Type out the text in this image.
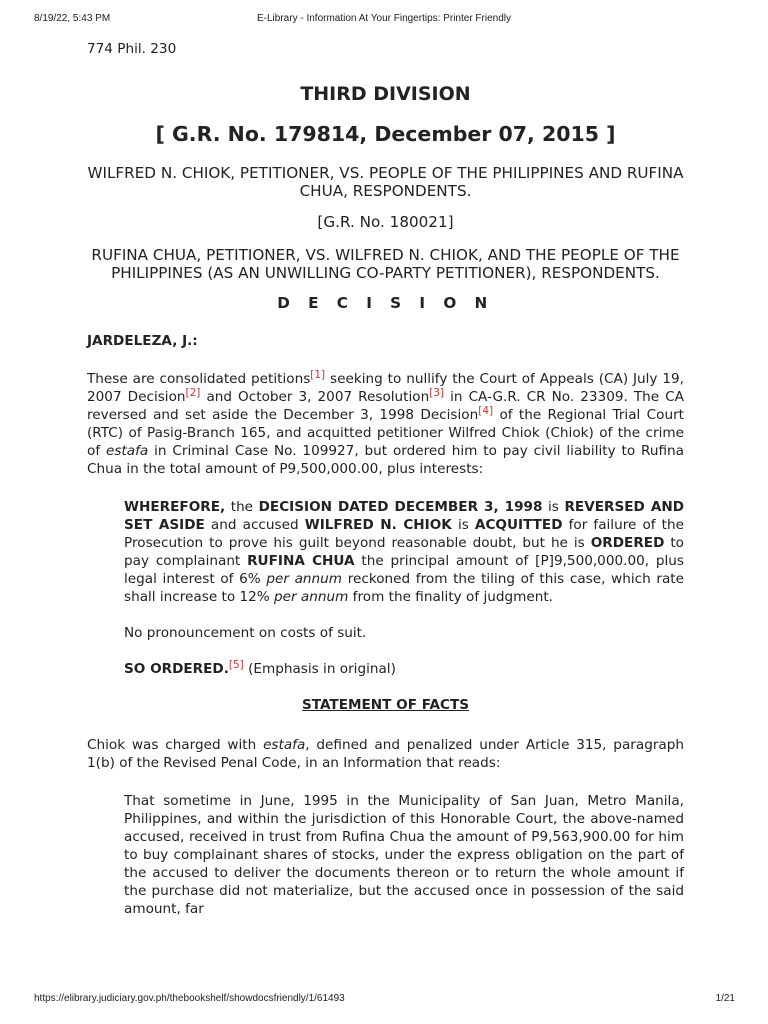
8/19/22, 5:43 PM	E-Library - Information At Your Fingertips: Printer Friendly
774 Phil. 230
THIRD DIVISION
[ G.R. No. 179814, December 07, 2015 ]
WILFRED N. CHIOK, PETITIONER, VS. PEOPLE OF THE PHILIPPINES AND RUFINA CHUA, RESPONDENTS.
[G.R. No. 180021]
RUFINA CHUA, PETITIONER, VS. WILFRED N. CHIOK, AND THE PEOPLE OF THE PHILIPPINES (AS AN UNWILLING CO-PARTY PETITIONER), RESPONDENTS.
D E C I S I O N
JARDELEZA, J.:

These are consolidated petitions[1] seeking to nullify the Court of Appeals (CA) July 19, 2007 Decision[2] and October 3, 2007 Resolution[3] in CA-G.R. CR No. 23309. The CA reversed and set aside the December 3, 1998 Decision[4] of the Regional Trial Court (RTC) of Pasig-Branch 165, and acquitted petitioner Wilfred Chiok (Chiok) of the crime of estafa in Criminal Case No. 109927, but ordered him to pay civil liability to Rufina Chua in the total amount of P9,500,000.00, plus interests:

WHEREFORE, the DECISION DATED DECEMBER 3, 1998 is REVERSED AND SET ASIDE and accused WILFRED N. CHIOK is ACQUITTED for failure of the Prosecution to prove his guilt beyond reasonable doubt, but he is ORDERED to pay complainant RUFINA CHUA the principal amount of [P]9,500,000.00, plus legal interest of 6% per annum reckoned from the tiling of this case, which rate shall increase to 12% per annum from the finality of judgment.

No pronouncement on costs of suit.

SO ORDERED.[5] (Emphasis in original)

STATEMENT OF FACTS

Chiok was charged with estafa, defined and penalized under Article 315, paragraph 1(b) of the Revised Penal Code, in an Information that reads:

That sometime in June, 1995 in the Municipality of San Juan, Metro Manila, Philippines, and within the jurisdiction of this Honorable Court, the above-named accused, received in trust from Rufina Chua the amount of P9,563,900.00 for him to buy complainant shares of stocks, under the express obligation on the part of the accused to deliver the documents thereon or to return the whole amount if the purchase did not materialize, but the accused once in possession of the said amount, far

https://elibrary.judiciary.gov.ph/thebookshelf/showdocsfriendly/1/61493	1/21
